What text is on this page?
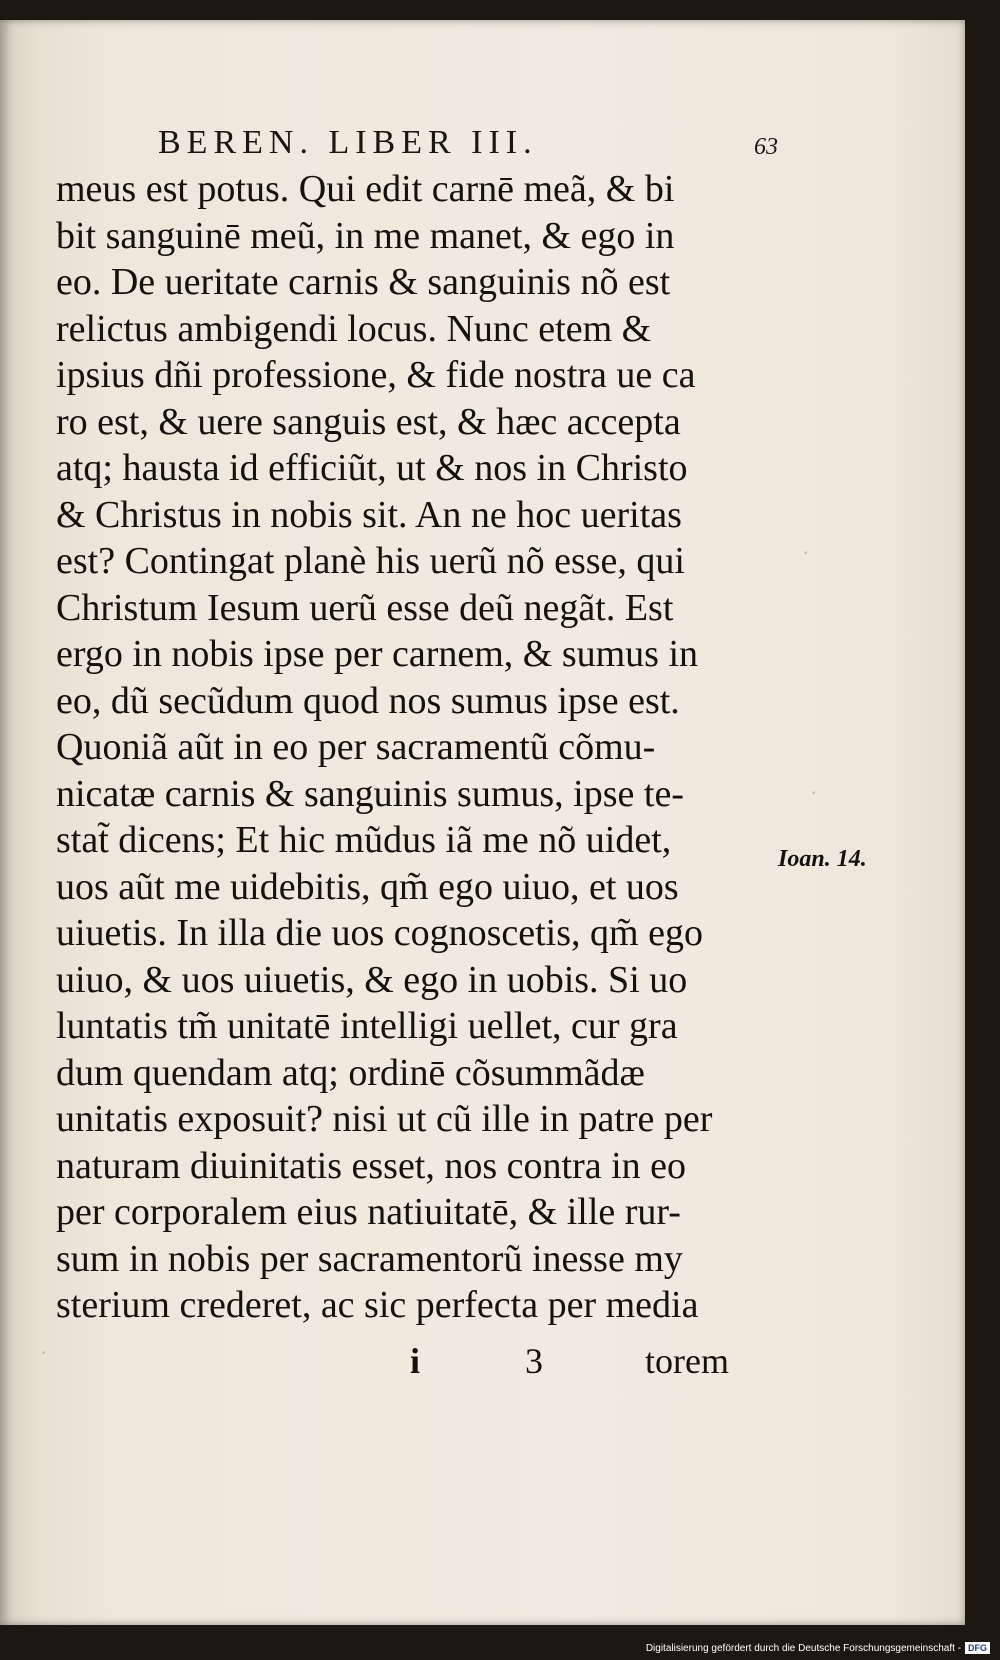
BEREN. LIBER III.	63
meus est potus. Qui edit carnē meã, & bi
bit sanguinē meũ, in me manet, & ego in
eo. De ueritate carnis & sanguinis nõ est
relictus ambigendi locus. Nunc etem &
ipsius dñi professione, & fide nostra ue ca
ro est, & uere sanguis est, & hæc accepta
atq; hausta id efficiũt, ut & nos in Christo
& Christus in nobis sit. An ne hoc ueritas
est? Contingat planè his uerũ nõ esse, qui
Christum Iesum uerũ esse deũ negãt. Est
ergo in nobis ipse per carnem, & sumus in
eo, dũ secũdum quod nos sumus ipse est.
Quoniã aũt in eo per sacramentũ cõmu-
nicatæ carnis & sanguinis sumus, ipse te-
stat̃ dicens; Et hic mũdus iã me nõ uidet,
uos aũt me uidebitis, qm̃ ego uiuo, et uos
uiuetis. In illa die uos cognoscetis, qm̃ ego
uiuo, & uos uiuetis, & ego in uobis. Si uo
luntatis tm̃ unitatē intelligi uellet, cur gra
dum quendam atq; ordinē cõsummãdæ
unitatis exposuit? nisi ut cũ ille in patre per
naturam diuinitatis esset, nos contra in eo
per corporalem eius natiuitatē, & ille rur-
sum in nobis per sacramentorũ inesse my
sterium crederet, ac sic perfecta per media
Ioan. 14.
·
·
·	i	3	torem
Digitalisierung gefördert durch die Deutsche Forschungsgemeinschaft - DFG
